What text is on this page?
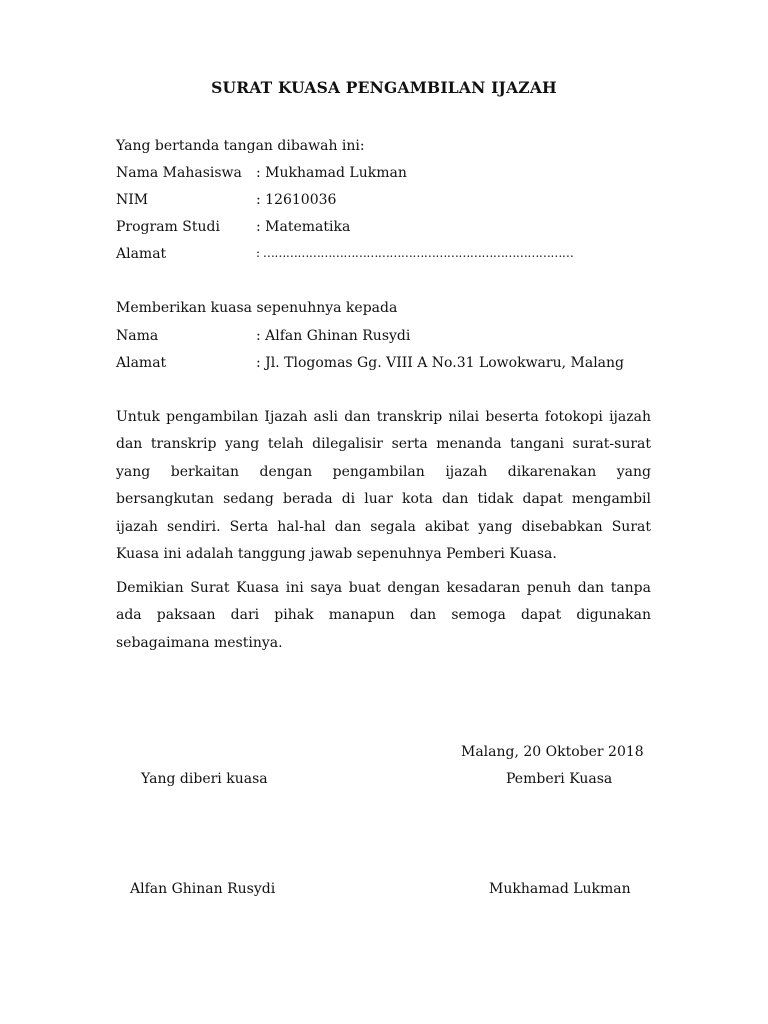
SURAT KUASA PENGAMBILAN IJAZAH
Yang bertanda tangan dibawah ini:
Nama Mahasiswa : Mukhamad Lukman
NIM	: 12610036
Program Studi	: Matematika
Alamat	: ………………………………………………………………………
Memberikan kuasa sepenuhnya kepada
Nama	: Alfan Ghinan Rusydi
Alamat	: Jl. Tlogomas Gg. VIII A No.31 Lowokwaru, Malang
Untuk pengambilan Ijazah asli dan transkrip nilai beserta fotokopi ijazah dan transkrip yang telah dilegalisir serta menanda tangani surat-surat yang berkaitan dengan pengambilan ijazah dikarenakan yang bersangkutan sedang berada di luar kota dan tidak dapat mengambil ijazah sendiri. Serta hal-hal dan segala akibat yang disebabkan Surat Kuasa ini adalah tanggung jawab sepenuhnya Pemberi Kuasa.
Demikian Surat Kuasa ini saya buat dengan kesadaran penuh dan tanpa ada paksaan dari pihak manapun dan semoga dapat digunakan sebagaimana mestinya.
Malang, 20 Oktober 2018
Yang diberi kuasa	Pemberi Kuasa
Alfan Ghinan Rusydi	Mukhamad Lukman
